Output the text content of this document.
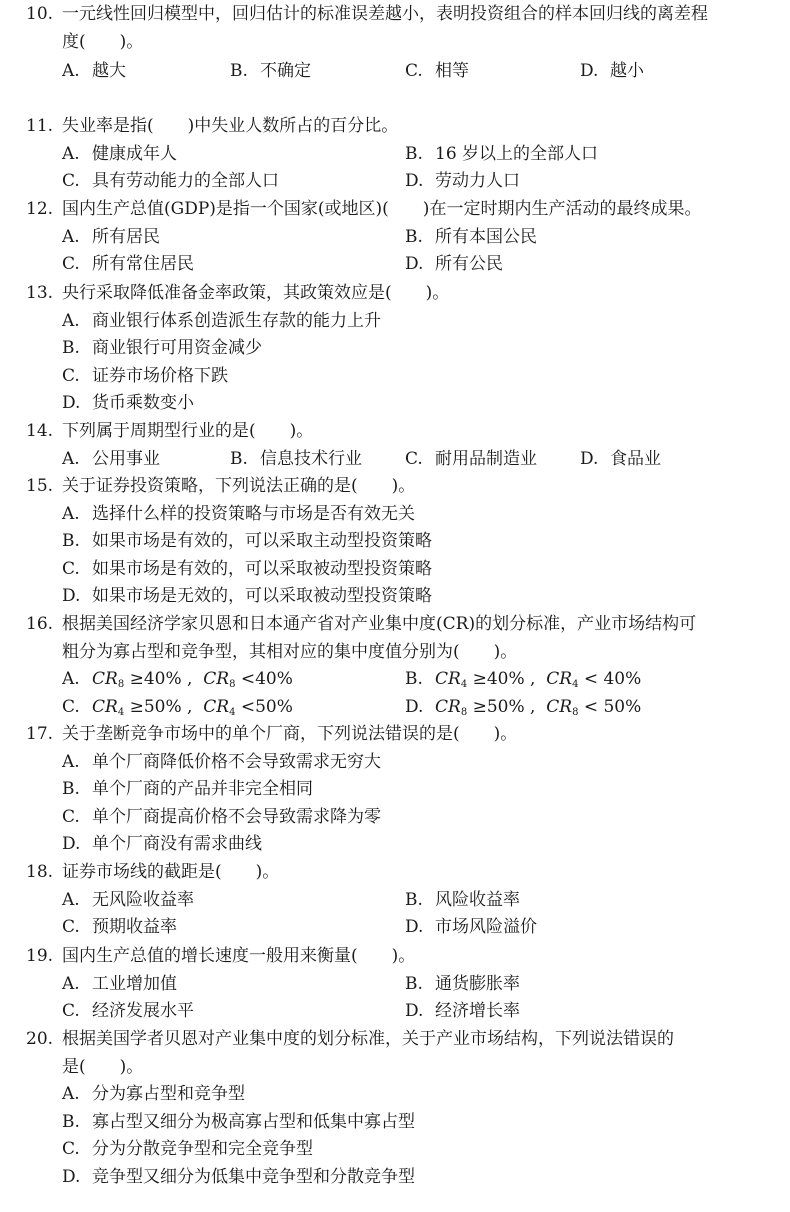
10. 一元线性回归模型中，回归估计的标准误差越小，表明投资组合的样本回归线的离差程
度(　　)。
A. 越大	B. 不确定	C. 相等	D. 越小
11. 失业率是指(　　)中失业人数所占的百分比。
A. 健康成年人	B. 16 岁以上的全部人口
C. 具有劳动能力的全部人口	D. 劳动力人口
12. 国内生产总值(GDP)是指一个国家(或地区)(　　)在一定时期内生产活动的最终成果。
A. 所有居民	B. 所有本国公民
C. 所有常住居民	D. 所有公民
13. 央行采取降低准备金率政策，其政策效应是(　　)。
A. 商业银行体系创造派生存款的能力上升
B. 商业银行可用资金减少
C. 证券市场价格下跌
D. 货币乘数变小
14. 下列属于周期型行业的是(　　)。
A. 公用事业	B. 信息技术行业	C. 耐用品制造业	D. 食品业
15. 关于证券投资策略，下列说法正确的是(　　)。
A. 选择什么样的投资策略与市场是否有效无关
B. 如果市场是有效的，可以采取主动型投资策略
C. 如果市场是有效的，可以采取被动型投资策略
D. 如果市场是无效的，可以采取被动型投资策略
16. 根据美国经济学家贝恩和日本通产省对产业集中度(CR)的划分标准，产业市场结构可
粗分为寡占型和竞争型，其相对应的集中度值分别为(　　)。
A. $CR_8 \ge 40\%$ ,  $CR_8 <40\%$	B. $CR_4 \ge 40\%$ ,  $CR_4 < 40\%$
C. $CR_4 \ge 50\%$ ,  $CR_4 <50\%$	D. $CR_8 \ge 50\%$ ,  $CR_8 < 50\%$
17. 关于垄断竞争市场中的单个厂商，下列说法错误的是(　　)。
A. 单个厂商降低价格不会导致需求无穷大
B. 单个厂商的产品并非完全相同
C. 单个厂商提高价格不会导致需求降为零
D. 单个厂商没有需求曲线
18. 证券市场线的截距是(　　)。
A. 无风险收益率	B. 风险收益率
C. 预期收益率	D. 市场风险溢价
19. 国内生产总值的增长速度一般用来衡量(　　)。
A. 工业增加值	B. 通货膨胀率
C. 经济发展水平	D. 经济增长率
20. 根据美国学者贝恩对产业集中度的划分标准，关于产业市场结构，下列说法错误的
是(　　)。
A. 分为寡占型和竞争型
B. 寡占型又细分为极高寡占型和低集中寡占型
C. 分为分散竞争型和完全竞争型
D. 竞争型又细分为低集中竞争型和分散竞争型
